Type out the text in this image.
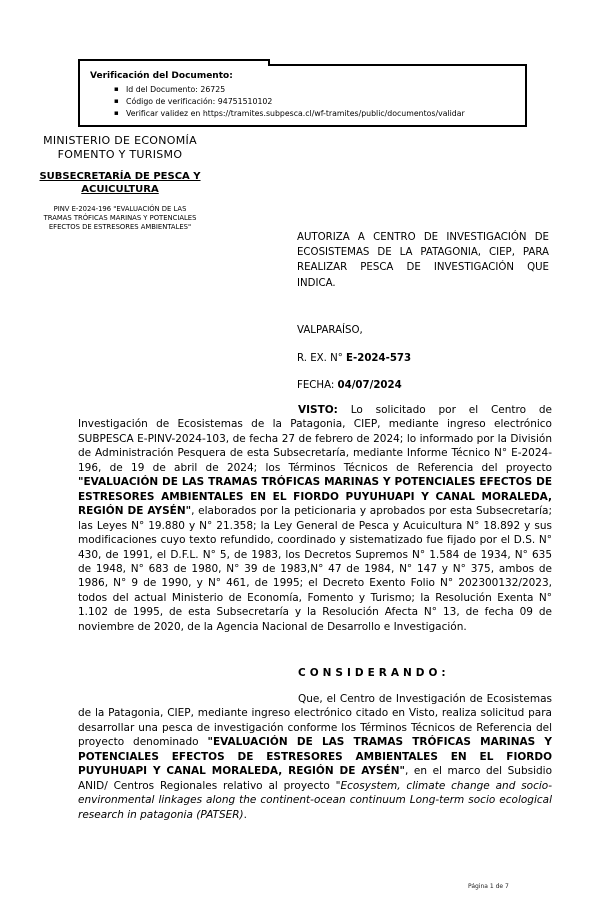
Verificación del Documento:
▪ Id del Documento: 26725
▪ Código de verificación: 94751510102
▪ Verificar validez en https://tramites.subpesca.cl/wf-tramites/public/documentos/validar
MINISTERIO DE ECONOMÍA
FOMENTO Y TURISMO
SUBSECRETARÍA DE PESCA Y
ACUICULTURA
PINV E-2024-196 "EVALUACIÓN DE LAS
TRAMAS TRÓFICAS MARINAS Y POTENCIALES
EFECTOS DE ESTRESORES AMBIENTALES"
AUTORIZA A CENTRO DE INVESTIGACIÓN DE ECOSISTEMAS DE LA PATAGONIA, CIEP, PARA REALIZAR PESCA DE INVESTIGACIÓN QUE INDICA.
VALPARAÍSO,
R. EX. N° E-2024-573
FECHA: 04/07/2024
VISTO: Lo solicitado por el Centro de Investigación de Ecosistemas de la Patagonia, CIEP, mediante ingreso electrónico SUBPESCA E-PINV-2024-103, de fecha 27 de febrero de 2024; lo informado por la División de Administración Pesquera de esta Subsecretaría, mediante Informe Técnico N° E-2024-196, de 19 de abril de 2024; los Términos Técnicos de Referencia del proyecto "EVALUACIÓN DE LAS TRAMAS TRÓFICAS MARINAS Y POTENCIALES EFECTOS DE ESTRESORES AMBIENTALES EN EL FIORDO PUYUHUAPI Y CANAL MORALEDA, REGIÓN DE AYSÉN", elaborados por la peticionaria y aprobados por esta Subsecretaría; las Leyes N° 19.880 y N° 21.358; la Ley General de Pesca y Acuicultura N° 18.892 y sus modificaciones cuyo texto refundido, coordinado y sistematizado fue fijado por el D.S. N° 430, de 1991, el D.F.L. N° 5, de 1983, los Decretos Supremos N° 1.584 de 1934, N° 635 de 1948, N° 683 de 1980, N° 39 de 1983,N° 47 de 1984, N° 147 y N° 375, ambos de 1986, N° 9 de 1990, y N° 461, de 1995; el Decreto Exento Folio N° 202300132/2023, todos del actual Ministerio de Economía, Fomento y Turismo; la Resolución Exenta N° 1.102 de 1995, de esta Subsecretaría y la Resolución Afecta N° 13, de fecha 09 de noviembre de 2020, de la Agencia Nacional de Desarrollo e Investigación.
CONSIDERANDO:
Que, el Centro de Investigación de Ecosistemas de la Patagonia, CIEP, mediante ingreso electrónico citado en Visto, realiza solicitud para desarrollar una pesca de investigación conforme los Términos Técnicos de Referencia del proyecto denominado "EVALUACIÓN DE LAS TRAMAS TRÓFICAS MARINAS Y POTENCIALES EFECTOS DE ESTRESORES AMBIENTALES EN EL FIORDO PUYUHUAPI Y CANAL MORALEDA, REGIÓN DE AYSÉN", en el marco del Subsidio ANID/ Centros Regionales relativo al proyecto "Ecosystem, climate change and socio-environmental linkages along the continent-ocean continuum Long-term socio ecological research in patagonia (PATSER).
Página 1 de 7
